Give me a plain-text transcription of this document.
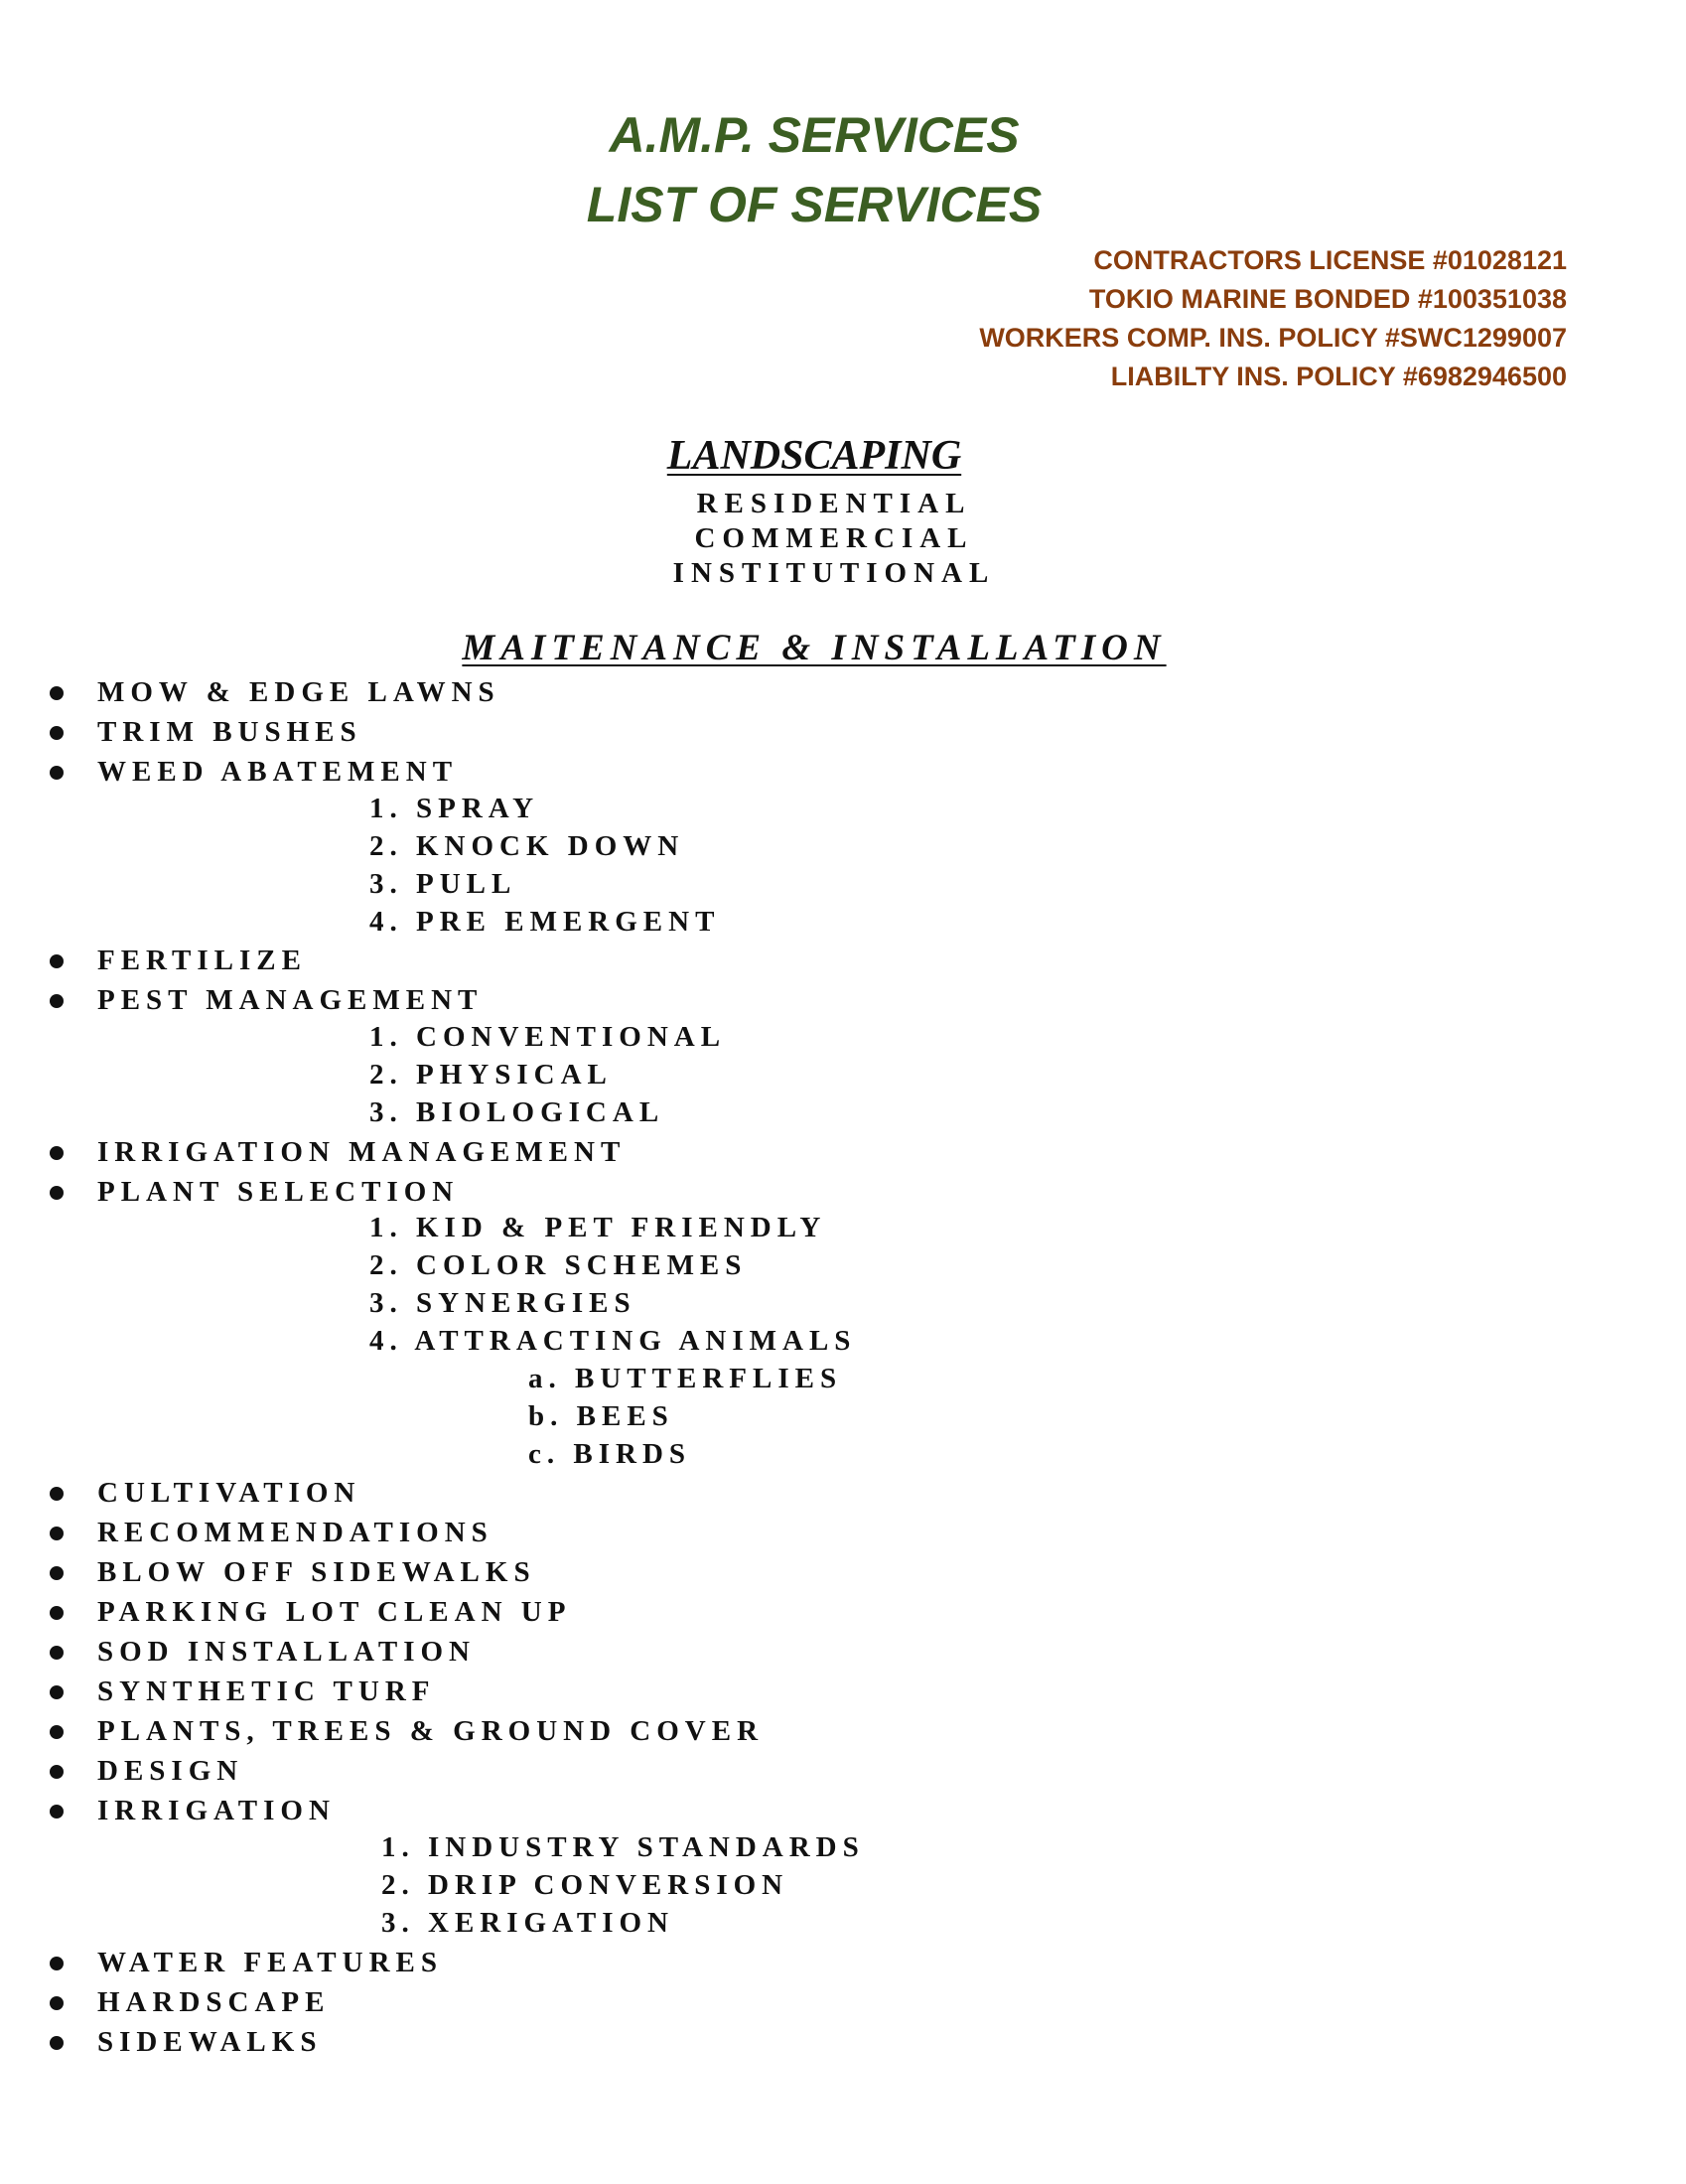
A.M.P. SERVICES
LIST OF SERVICES
CONTRACTORS LICENSE #01028121
TOKIO MARINE BONDED #100351038
WORKERS COMP. INS. POLICY #SWC1299007
LIABILTY INS. POLICY #6982946500
LANDSCAPING
RESIDENTIAL
COMMERCIAL
INSTITUTIONAL
MAITENANCE & INSTALLATION
MOW & EDGE LAWNS
TRIM BUSHES
WEED ABATEMENT
1. SPRAY
2. KNOCK DOWN
3. PULL
4. PRE EMERGENT
FERTILIZE
PEST MANAGEMENT
1. CONVENTIONAL
2. PHYSICAL
3. BIOLOGICAL
IRRIGATION MANAGEMENT
PLANT SELECTION
1. KID & PET FRIENDLY
2. COLOR SCHEMES
3. SYNERGIES
4. ATTRACTING ANIMALS
a. BUTTERFLIES
b. BEES
c. BIRDS
CULTIVATION
RECOMMENDATIONS
BLOW OFF SIDEWALKS
PARKING LOT CLEAN UP
SOD INSTALLATION
SYNTHETIC TURF
PLANTS, TREES & GROUND COVER
DESIGN
IRRIGATION
1. INDUSTRY STANDARDS
2. DRIP CONVERSION
3. XERIGATION
WATER FEATURES
HARDSCAPE
SIDEWALKS
